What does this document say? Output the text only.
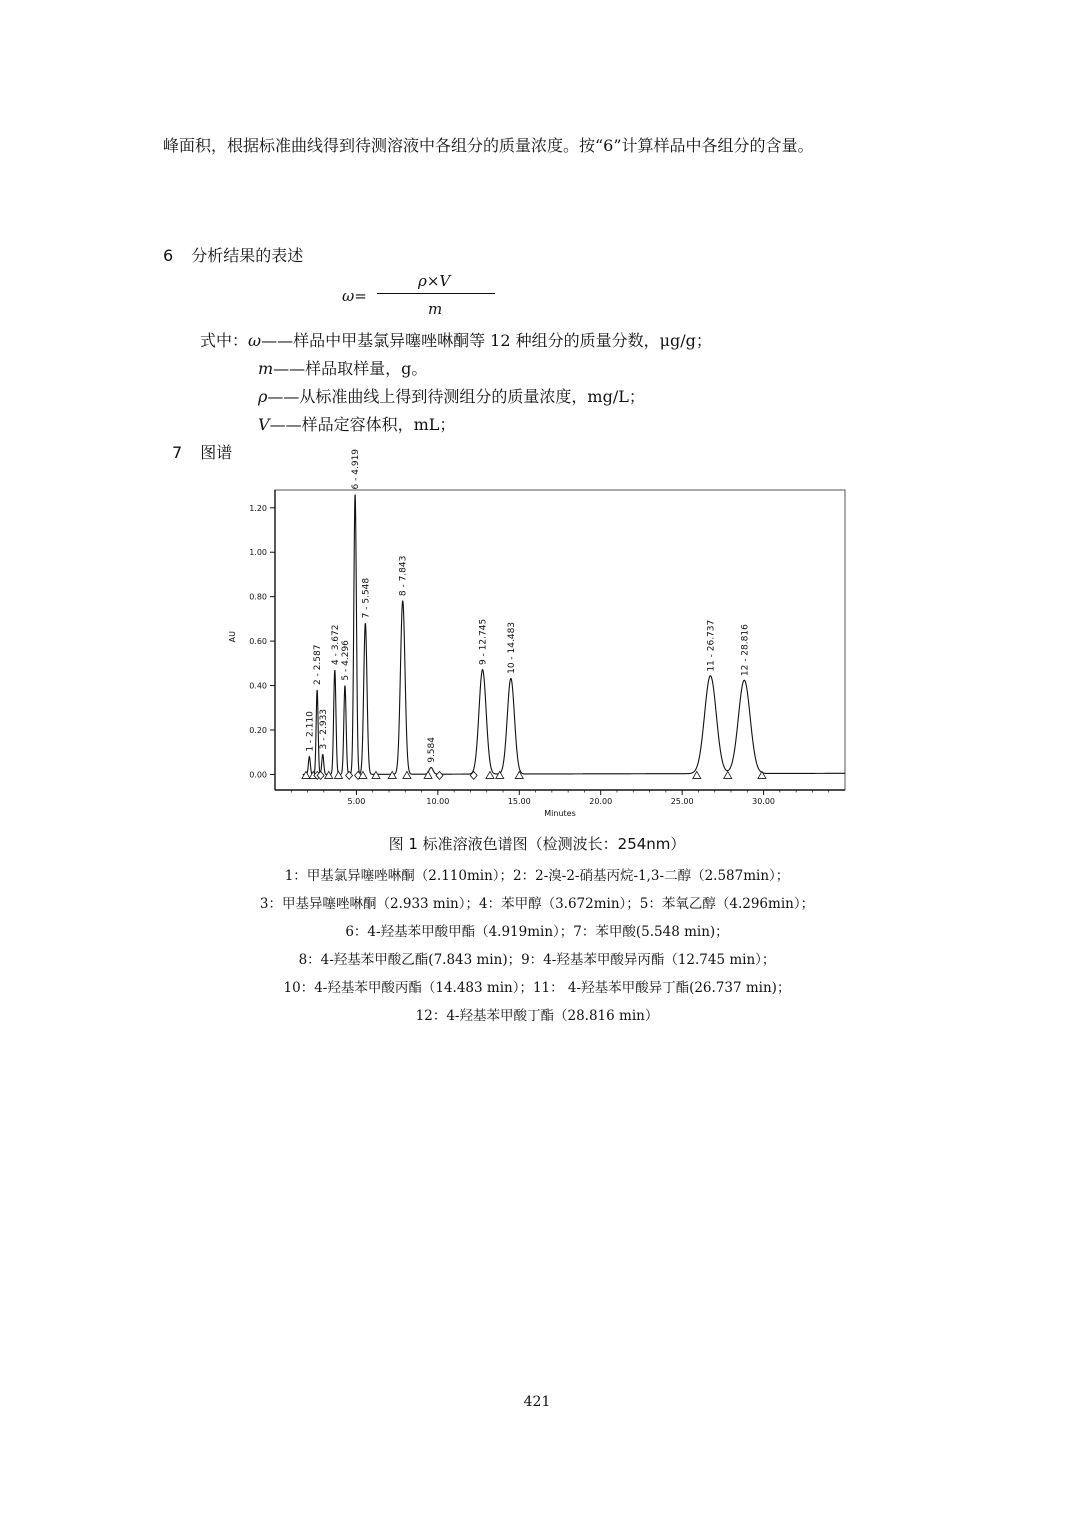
峰面积，根据标准曲线得到待测溶液中各组分的质量浓度。按“6”计算样品中各组分的含量。
6 分析结果的表述
ω=
ρ×V
m
式中：ω——样品中甲基氯异噻唑啉酮等 12 种组分的质量分数，μg/g；
m——样品取样量，g。
ρ——从标准曲线上得到待测组分的质量浓度，mg/L；
V——样品定容体积，mL；
7 图谱
0.00
0.20
0.40
0.60
0.80
1.00
1.20
5.00	10.00	15.00	20.00	25.00	30.00
Minutes
AU
1 - 2.110
2 - 2.587
3 - 2.933
4 - 3.672 5 - 4.296
6 - 4.919
7 - 5.548
8 - 7.843
9.584
9 - 12.745 10 - 14.483	11 - 26.737	12 - 28.816
图 1 标准溶液色谱图（检测波长：254nm）
1：甲基氯异噻唑啉酮（2.110min）；2：2-溴-2-硝基丙烷-1,3-二醇（2.587min）；
3：甲基异噻唑啉酮（2.933 min）；4：苯甲醇（3.672min）；5：苯氧乙醇（4.296min）；
6：4-羟基苯甲酸甲酯（4.919min）；7：苯甲酸(5.548 min)；
8：4-羟基苯甲酸乙酯(7.843 min)；9：4-羟基苯甲酸异丙酯（12.745 min）；
10：4-羟基苯甲酸丙酯（14.483 min）；11： 4-羟基苯甲酸异丁酯(26.737 min)；
12：4-羟基苯甲酸丁酯（28.816 min）
421
